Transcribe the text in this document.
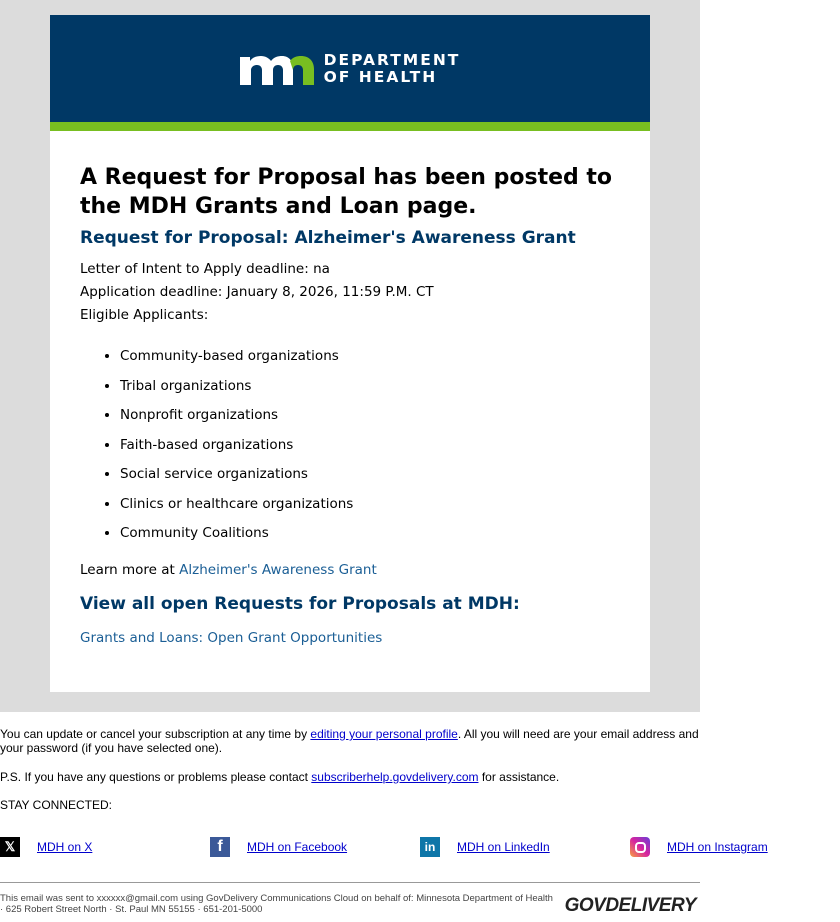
DEPARTMENT
OF HEALTH
A Request for Proposal has been posted to the MDH Grants and Loan page.
Request for Proposal: Alzheimer's Awareness Grant

Letter of Intent to Apply deadline: na

Application deadline: January 8, 2026, 11:59 P.M. CT

Eligible Applicants:

• Community-based organizations
• Tribal organizations
• Nonprofit organizations
• Faith-based organizations
• Social service organizations
• Clinics or healthcare organizations
• Community Coalitions

Learn more at Alzheimer's Awareness Grant

View all open Requests for Proposals at MDH:

Grants and Loans: Open Grant Opportunities

You can update or cancel your subscription at any time by editing your personal profile. All you will need are your email address and your password (if you have selected one).

P.S. If you have any questions or problems please contact subscriberhelp.govdelivery.com for assistance.

STAY CONNECTED:

𝕏	MDH on X	f	MDH on Facebook	in	MDH on LinkedIn	MDH on Instagram
This email was sent to xxxxxx@gmail.com using GovDelivery Communications Cloud on behalf of: Minnesota Department of Health
· 625 Robert Street North · St. Paul MN 55155 · 651-201-5000	GOVDELIVERY
